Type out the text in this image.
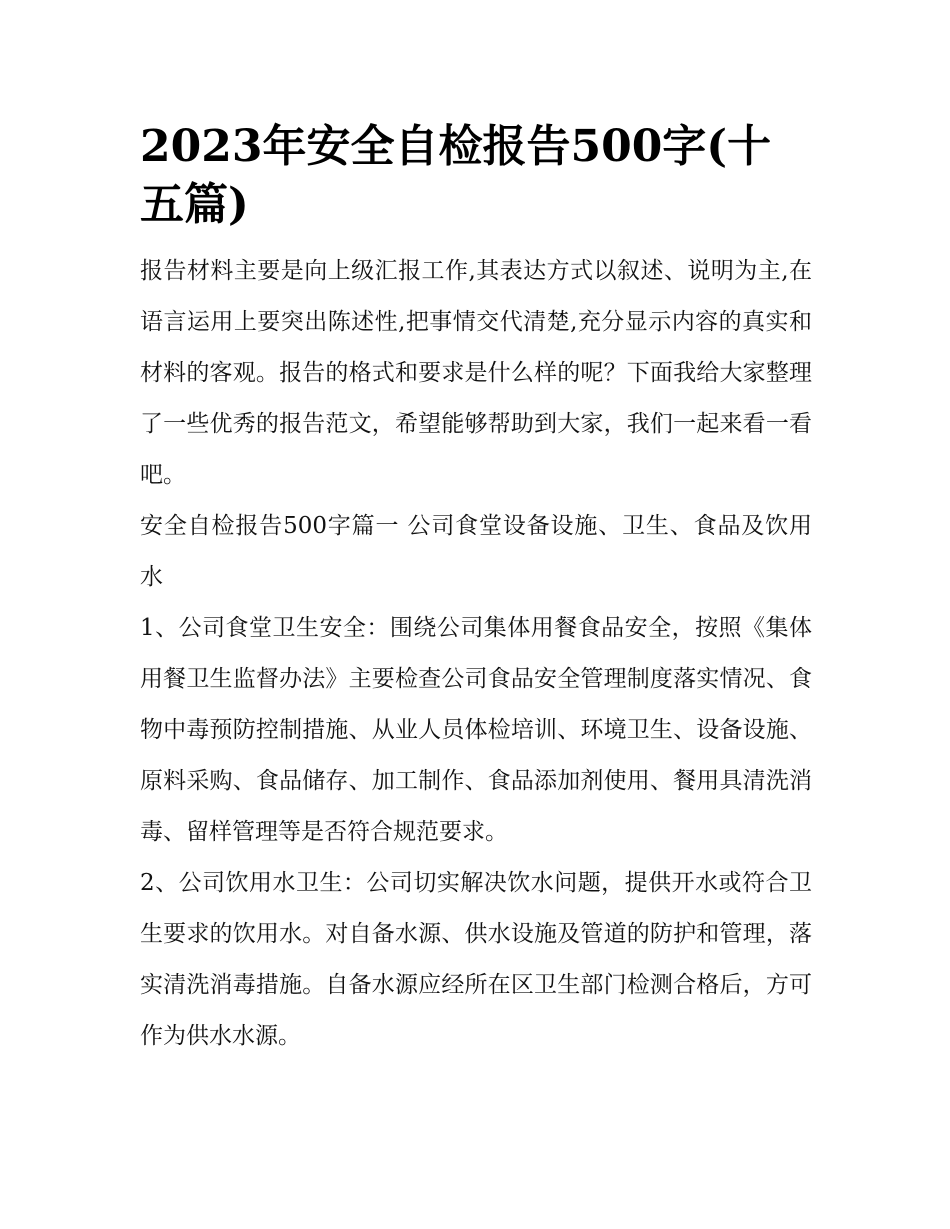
2023年安全自检报告500字(十五篇)

报告材料主要是向上级汇报工作,其表达方式以叙述、说明为主,在语言运用上要突出陈述性,把事情交代清楚,充分显示内容的真实和材料的客观。报告的格式和要求是什么样的呢？下面我给大家整理了一些优秀的报告范文，希望能够帮助到大家，我们一起来看一看吧。

安全自检报告500字篇一 公司食堂设备设施、卫生、食品及饮用水

1、公司食堂卫生安全：围绕公司集体用餐食品安全，按照《集体用餐卫生监督办法》主要检查公司食品安全管理制度落实情况、食物中毒预防控制措施、从业人员体检培训、环境卫生、设备设施、原料采购、食品储存、加工制作、食品添加剂使用、餐用具清洗消毒、留样管理等是否符合规范要求。

2、公司饮用水卫生：公司切实解决饮水问题，提供开水或符合卫生要求的饮用水。对自备水源、供水设施及管道的防护和管理，落实清洗消毒措施。自备水源应经所在区卫生部门检测合格后，方可作为供水水源。
